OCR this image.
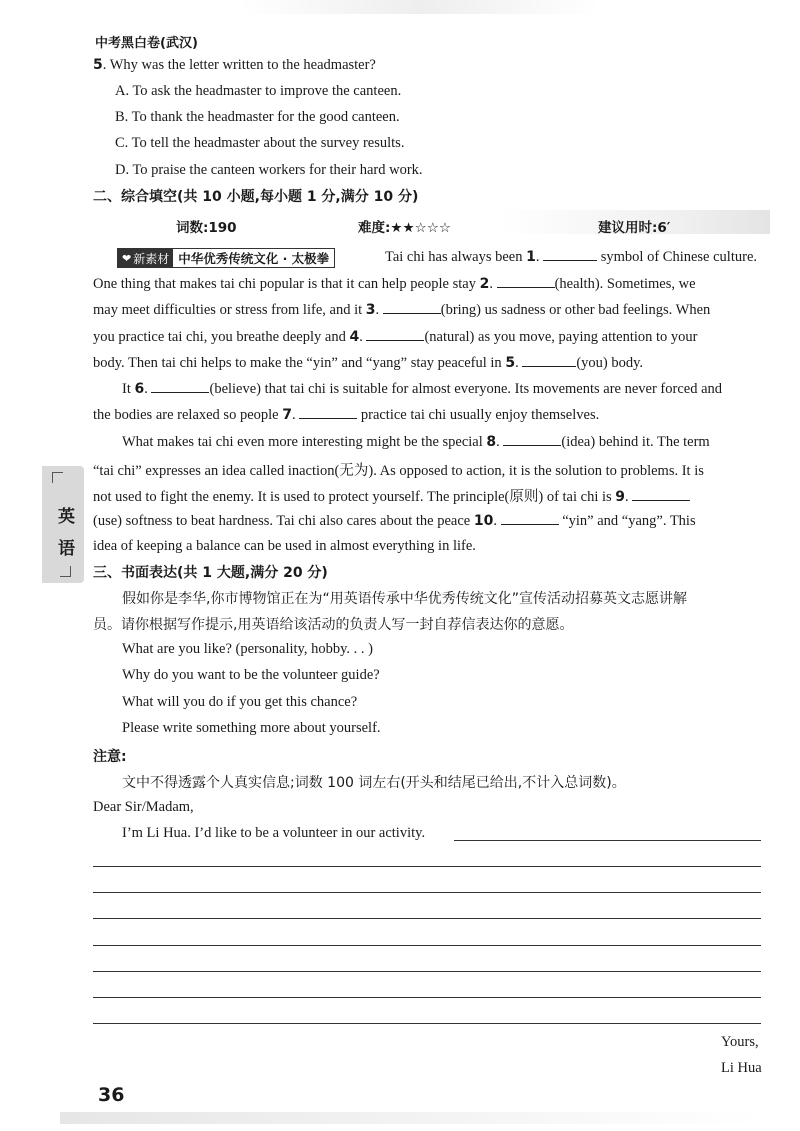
中考黑白卷(武汉)
5. Why was the letter written to the headmaster?
A. To ask the headmaster to improve the canteen.
B. To thank the headmaster for the good canteen.
C. To tell the headmaster about the survey results.
D. To praise the canteen workers for their hard work.
二、综合填空(共 10 小题,每小题 1 分,满分 10 分)
词数:190	难度:★★☆☆☆	建议用时:6′
❤ 新素材 中华优秀传统文化 · 太极拳	Tai chi has always been 1.	symbol of Chinese culture.
One thing that makes tai chi popular is that it can help people stay 2.	(health). Sometimes, we
may meet difficulties or stress from life, and it 3.	(bring) us sadness or other bad feelings. When
you practice tai chi, you breathe deeply and 4.	(natural) as you move, paying attention to your
body. Then tai chi helps to make the “yin” and “yang” stay peaceful in 5.	(you) body.
It 6.	(believe) that tai chi is suitable for almost everyone. Its movements are never forced and
the bodies are relaxed so people 7.	practice tai chi usually enjoy themselves.
What makes tai chi even more interesting might be the special 8.	(idea) behind it. The term
“tai chi” expresses an idea called inaction(无为). As opposed to action, it is the solution to problems. It is
not used to fight the enemy. It is used to protect yourself. The principle(原则) of tai chi is 9.
(use) softness to beat hardness. Tai chi also cares about the peace 10.	“yin” and “yang”. This
idea of keeping a balance can be used in almost everything in life.
三、书面表达(共 1 大题,满分 20 分)
假如你是李华,你市博物馆正在为“用英语传承中华优秀传统文化”宣传活动招募英文志愿讲解
员。请你根据写作提示,用英语给该活动的负责人写一封自荐信表达你的意愿。
What are you like? (personality, hobby. . . )
Why do you want to be the volunteer guide?
What will you do if you get this chance?
Please write something more about yourself.
注意:
文中不得透露个人真实信息;词数 100 词左右(开头和结尾已给出,不计入总词数)。
Dear Sir/Madam,
I’m Li Hua. I’d like to be a volunteer in our activity.
Yours,
Li Hua
英
语
36
